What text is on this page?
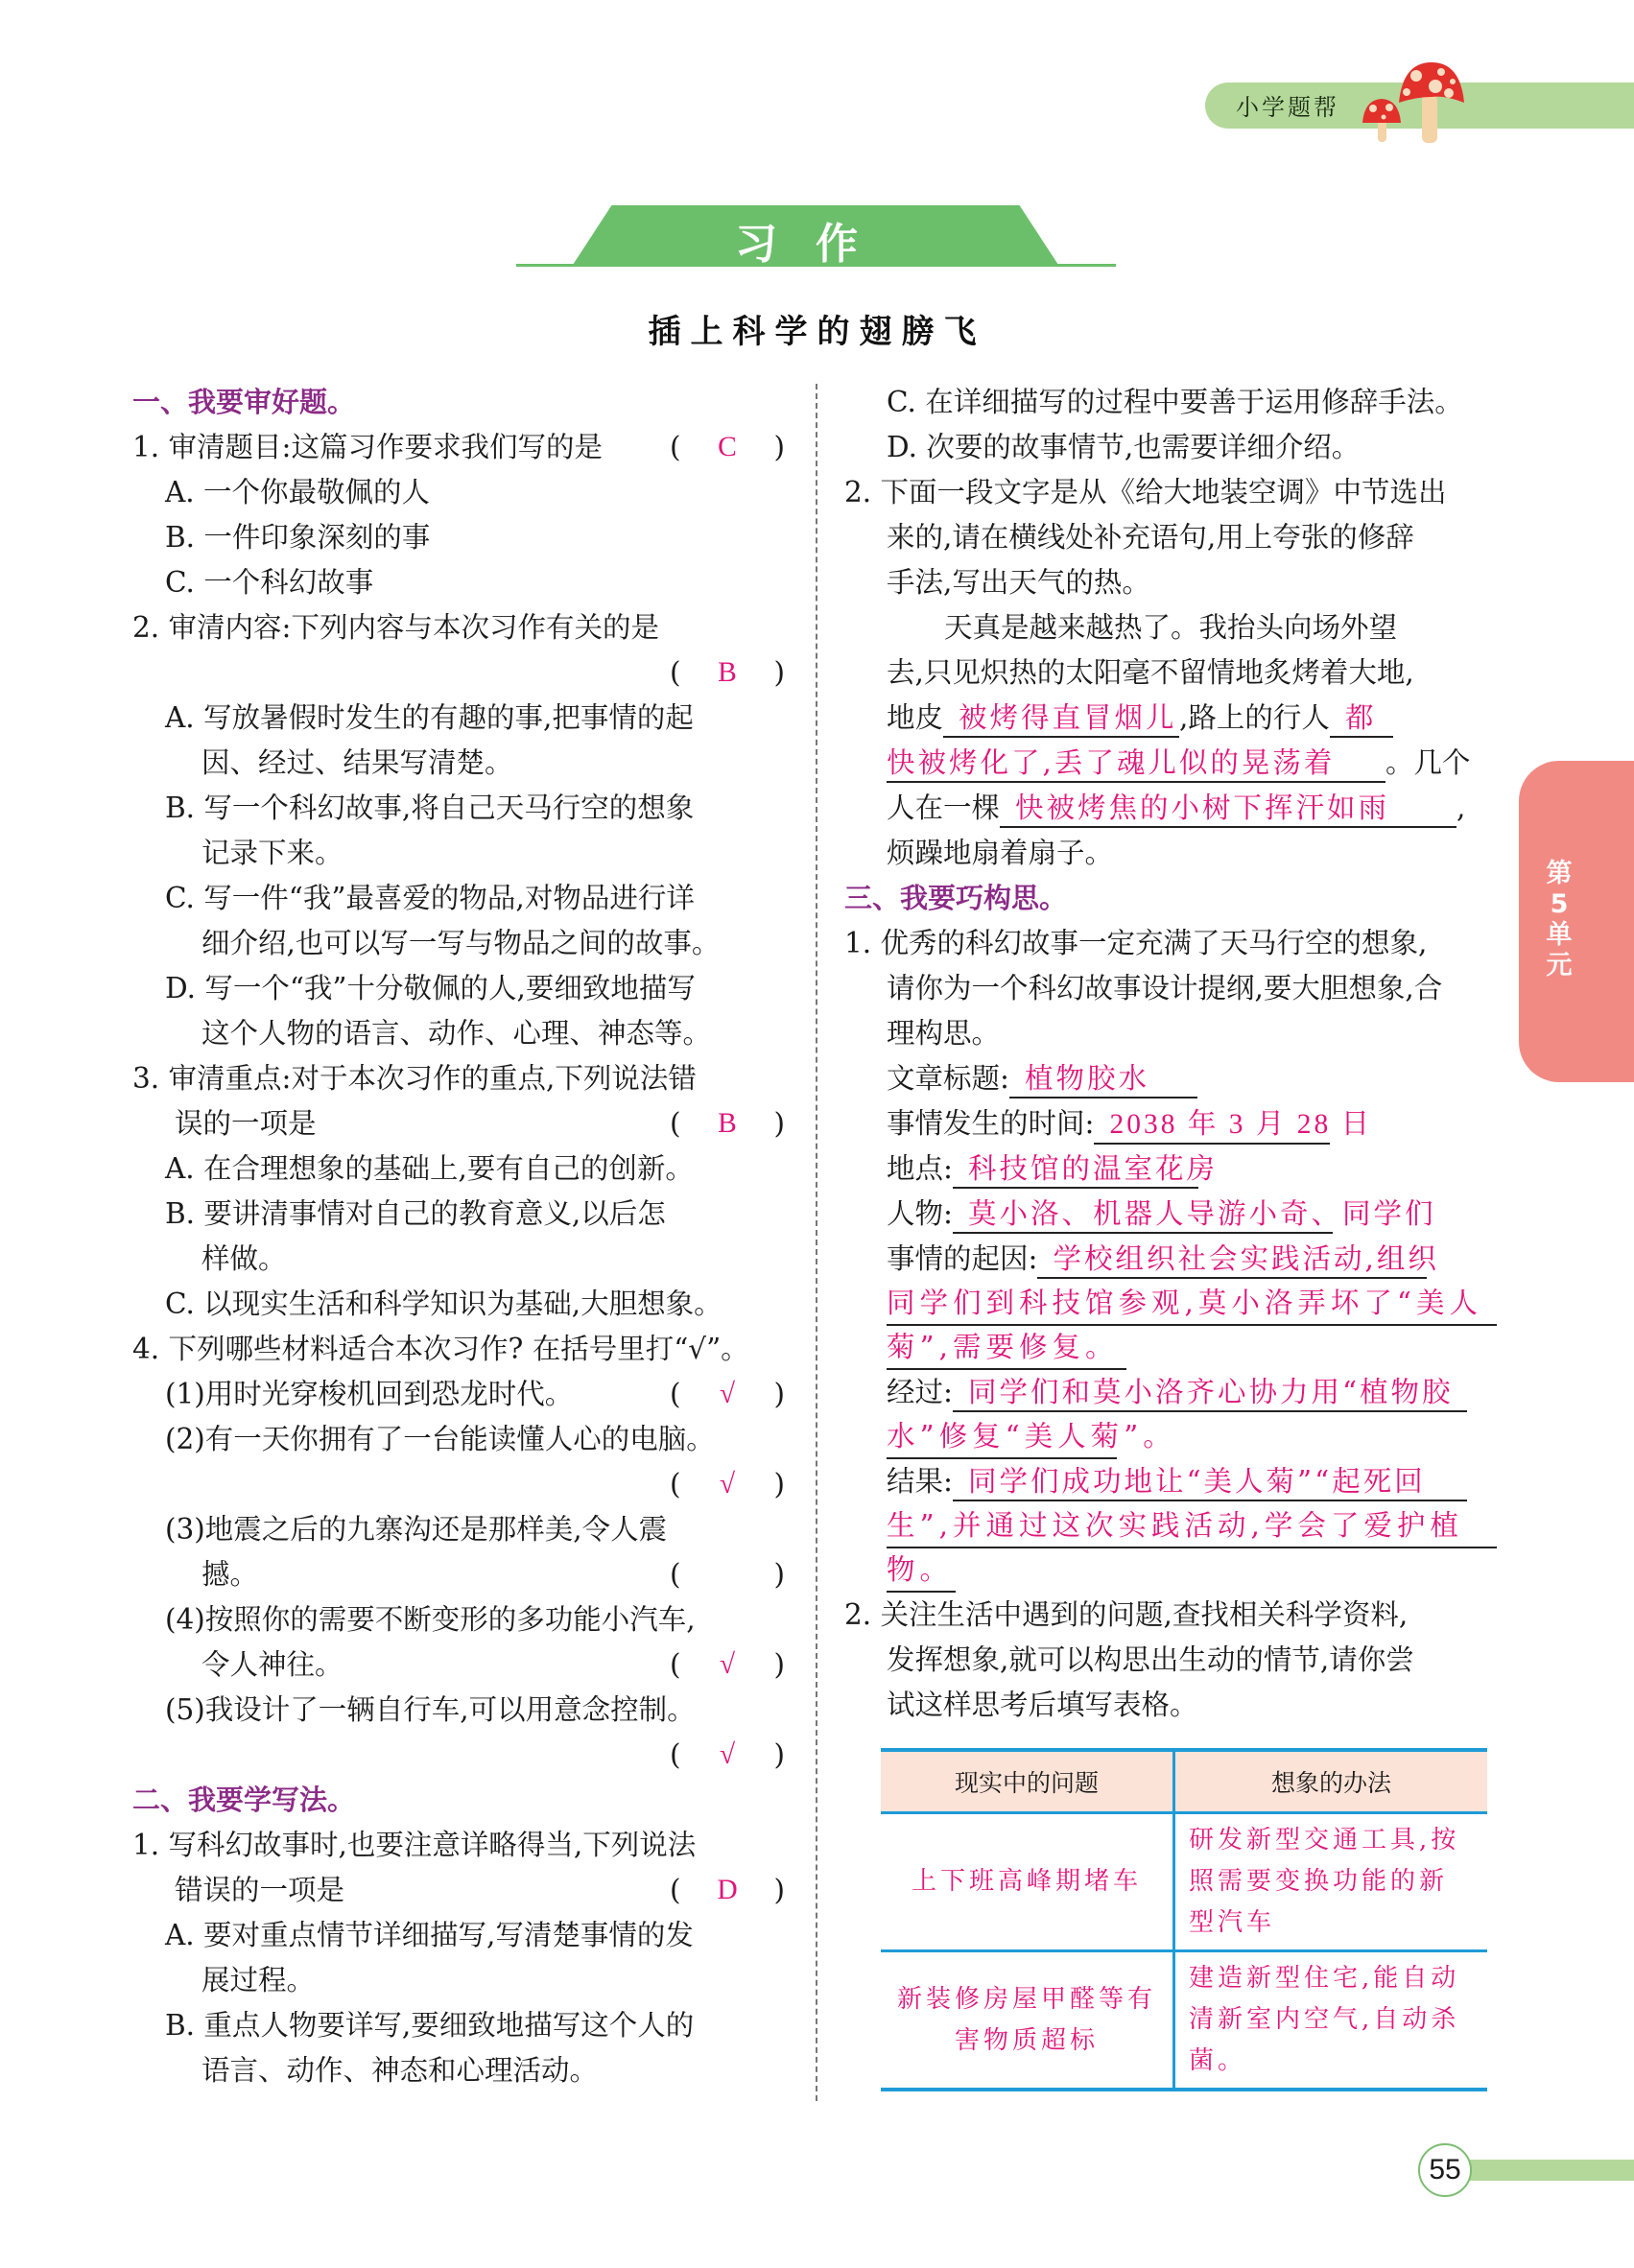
小学题帮
习作
插上科学的翅膀飞
一、我要审好题。
1. 审清题目:这篇习作要求我们写的是 ( C )
A. 一个你最敬佩的人
B. 一件印象深刻的事
C. 一个科幻故事
2. 审清内容:下列内容与本次习作有关的是

( B )
A. 写放暑假时发生的有趣的事,把事情的起
因、经过、结果写清楚。
B. 写一个科幻故事,将自己天马行空的想象
记录下来。
C. 写一件“我”最喜爱的物品,对物品进行详
细介绍,也可以写一写与物品之间的故事。
D. 写一个“我”十分敬佩的人,要细致地描写
这个人物的语言、动作、心理、神态等。
3. 审清重点:对于本次习作的重点,下列说法错
误的一项是	( B )
A. 在合理想象的基础上,要有自己的创新。
B. 要讲清事情对自己的教育意义,以后怎
样做。
C. 以现实生活和科学知识为基础,大胆想象。
4. 下列哪些材料适合本次习作? 在括号里打“√”。
(1)用时光穿梭机回到恐龙时代。	( √ )
(2)有一天你拥有了一台能读懂人心的电脑。

( √ )
(3)地震之后的九寨沟还是那样美,令人震
撼。	(	)
(4)按照你的需要不断变形的多功能小汽车,
令人神往。	( √ )
(5)我设计了一辆自行车,可以用意念控制。

( √ )
二、我要学写法。
1. 写科幻故事时,也要注意详略得当,下列说法
错误的一项是	( D )
A. 要对重点情节详细描写,写清楚事情的发
展过程。
B. 重点人物要详写,要细致地描写这个人的
语言、动作、神态和心理活动。
C. 在详细描写的过程中要善于运用修辞手法。
D. 次要的故事情节,也需要详细介绍。
2. 下面一段文字是从《给大地装空调》中节选出
来的,请在横线处补充语句,用上夸张的修辞
手法,写出天气的热。
天真是越来越热了。我抬头向场外望
去,只见炽热的太阳毫不留情地炙烤着大地,
地皮 被烤得直冒烟儿,路上的行人 都
快被烤化了,丢了魂儿似的晃荡着 。几个
人在一棵 快被烤焦的小树下挥汗如雨 ,
烦躁地扇着扇子。
三、我要巧构思。
1. 优秀的科幻故事一定充满了天马行空的想象,
请你为一个科幻故事设计提纲,要大胆想象,合
理构思。
文章标题: 植物胶水
事情发生的时间: 2038 年 3 月 28 日
地点: 科技馆的温室花房
人物: 莫小洛、机器人导游小奇、同学们
事情的起因: 学校组织社会实践活动,组织
同学们到科技馆参观,莫小洛弄坏了“美人
菊”,需要修复。
经过: 同学们和莫小洛齐心协力用“植物胶
水”修复“美人菊”。
结果: 同学们成功地让“美人菊”“起死回
生”,并通过这次实践活动,学会了爱护植
物。
2. 关注生活中遇到的问题,查找相关科学资料,
发挥想象,就可以构思出生动的情节,请你尝
试这样思考后填写表格。
现实中的问题	想象的办法
上下班高峰期堵车	研发新型交通工具,按照需要变换功能的新型汽车
新装修房屋甲醛等有害物质超标	建造新型住宅,能自动清新室内空气,自动杀菌。
第
5
单
元
55
